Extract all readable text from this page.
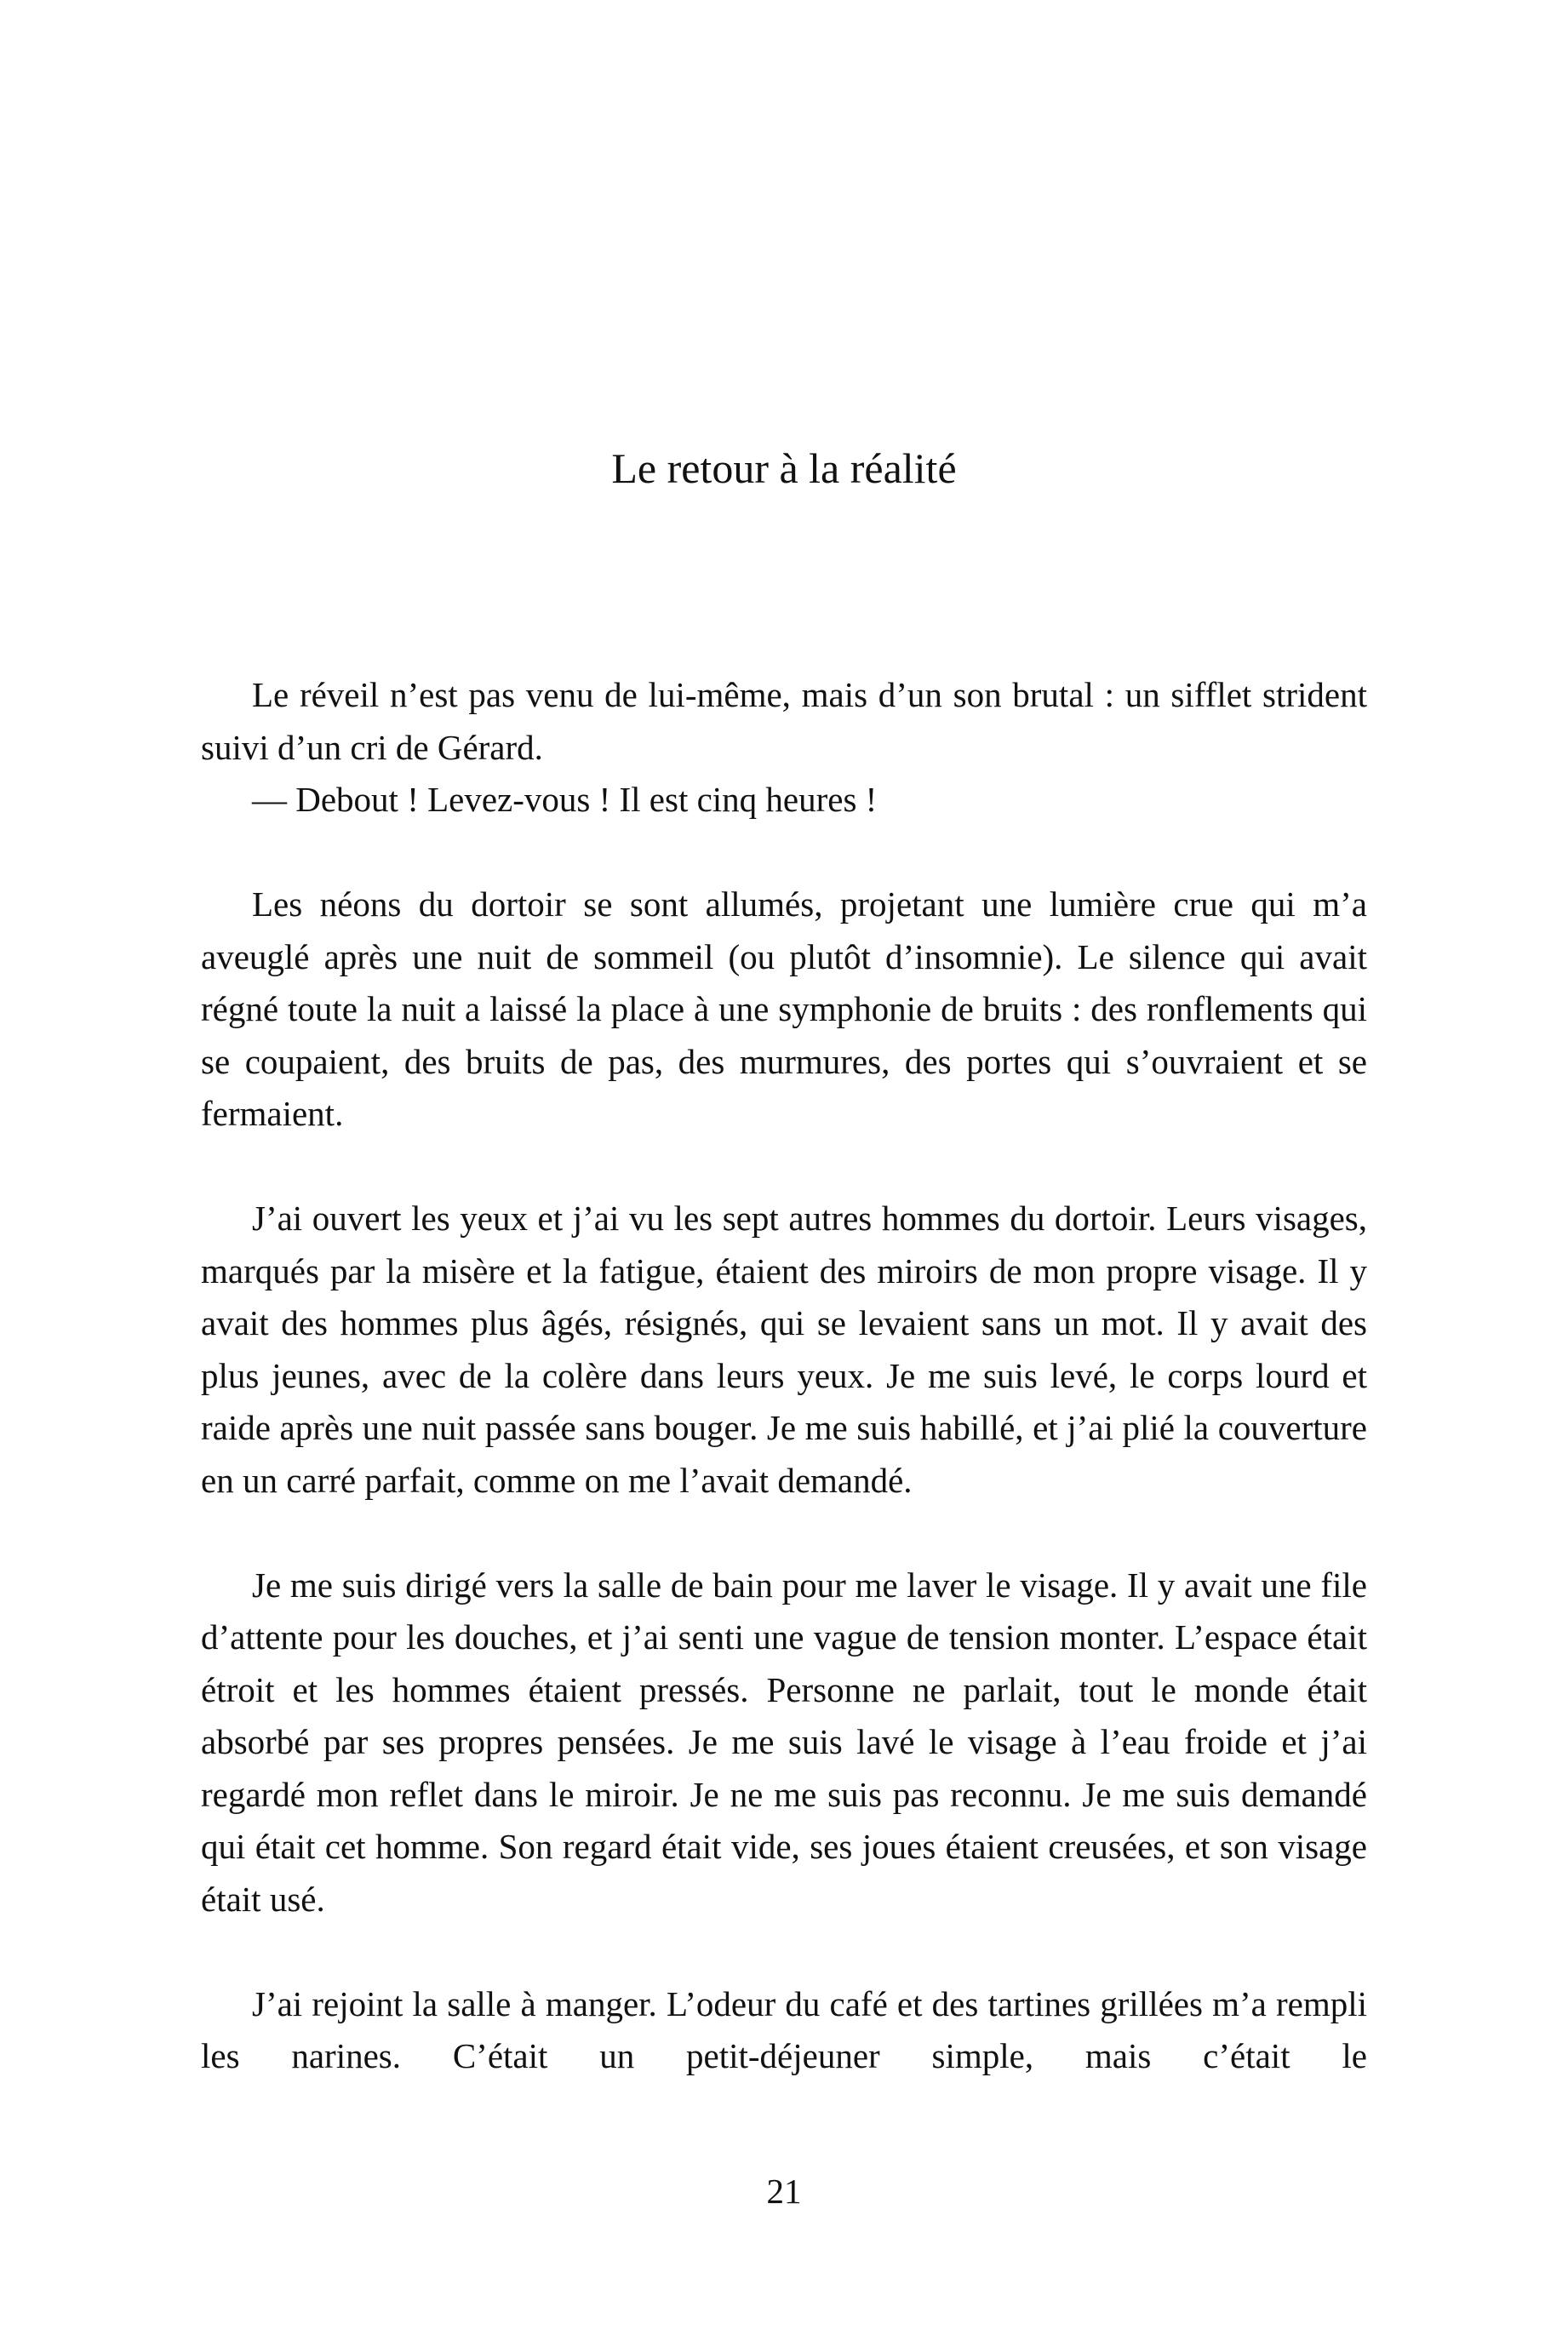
Le retour à la réalité

Le réveil n’est pas venu de lui-même, mais d’un son brutal : un sifflet strident suivi d’un cri de Gérard.

— Debout ! Levez-vous ! Il est cinq heures !

Les néons du dortoir se sont allumés, projetant une lumière crue qui m’a aveuglé après une nuit de sommeil (ou plutôt d’insomnie). Le silence qui avait régné toute la nuit a laissé la place à une symphonie de bruits : des ronflements qui se coupaient, des bruits de pas, des murmures, des portes qui s’ouvraient et se fermaient.

J’ai ouvert les yeux et j’ai vu les sept autres hommes du dortoir. Leurs visages, marqués par la misère et la fatigue, étaient des miroirs de mon propre visage. Il y avait des hommes plus âgés, résignés, qui se levaient sans un mot. Il y avait des plus jeunes, avec de la colère dans leurs yeux. Je me suis levé, le corps lourd et raide après une nuit passée sans bouger. Je me suis habillé, et j’ai plié la couverture en un carré parfait, comme on me l’avait demandé.

Je me suis dirigé vers la salle de bain pour me laver le visage. Il y avait une file d’attente pour les douches, et j’ai senti une vague de tension monter. L’espace était étroit et les hommes étaient pressés. Personne ne parlait, tout le monde était absorbé par ses propres pensées. Je me suis lavé le visage à l’eau froide et j’ai regardé mon reflet dans le miroir. Je ne me suis pas reconnu. Je me suis demandé qui était cet homme. Son regard était vide, ses joues étaient creusées, et son visage était usé.

J’ai rejoint la salle à manger. L’odeur du café et des tartines grillées m’a rempli les narines. C’était un petit-déjeuner simple, mais c’était le

21
